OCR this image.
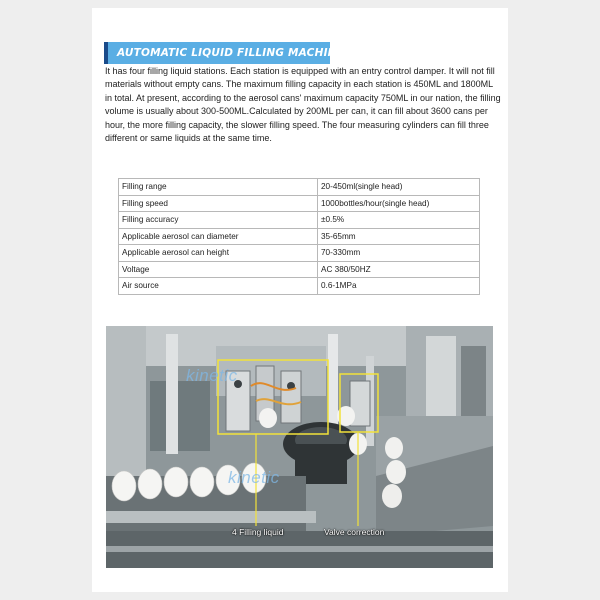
AUTOMATIC LIQUID FILLING MACHINE:
It has four filling liquid stations. Each station is equipped with an entry control damper. It will not fill materials without empty cans. The maximum filling capacity in each station is 450ML and 1800ML in total. At present, according to the aerosol cans' maximum capacity 750ML in our nation, the filling volume is usually about 300-500ML.Calculated by 200ML per can, it can fill about 3600 cans per hour, the more filling capacity, the slower filling speed. The four measuring cylinders can fill three different or same liquids at the same time.
Filling range	20-450ml(single head)
Filling speed	1000bottles/hour(single head)
Filling accuracy	±0.5%
Applicable aerosol can diameter	35-65mm
Applicable aerosol can height	70-330mm
Voltage	AC 380/50HZ
Air source	0.6-1MPa
kinetic
kinetic
4 Filling liquid	Valve correction
